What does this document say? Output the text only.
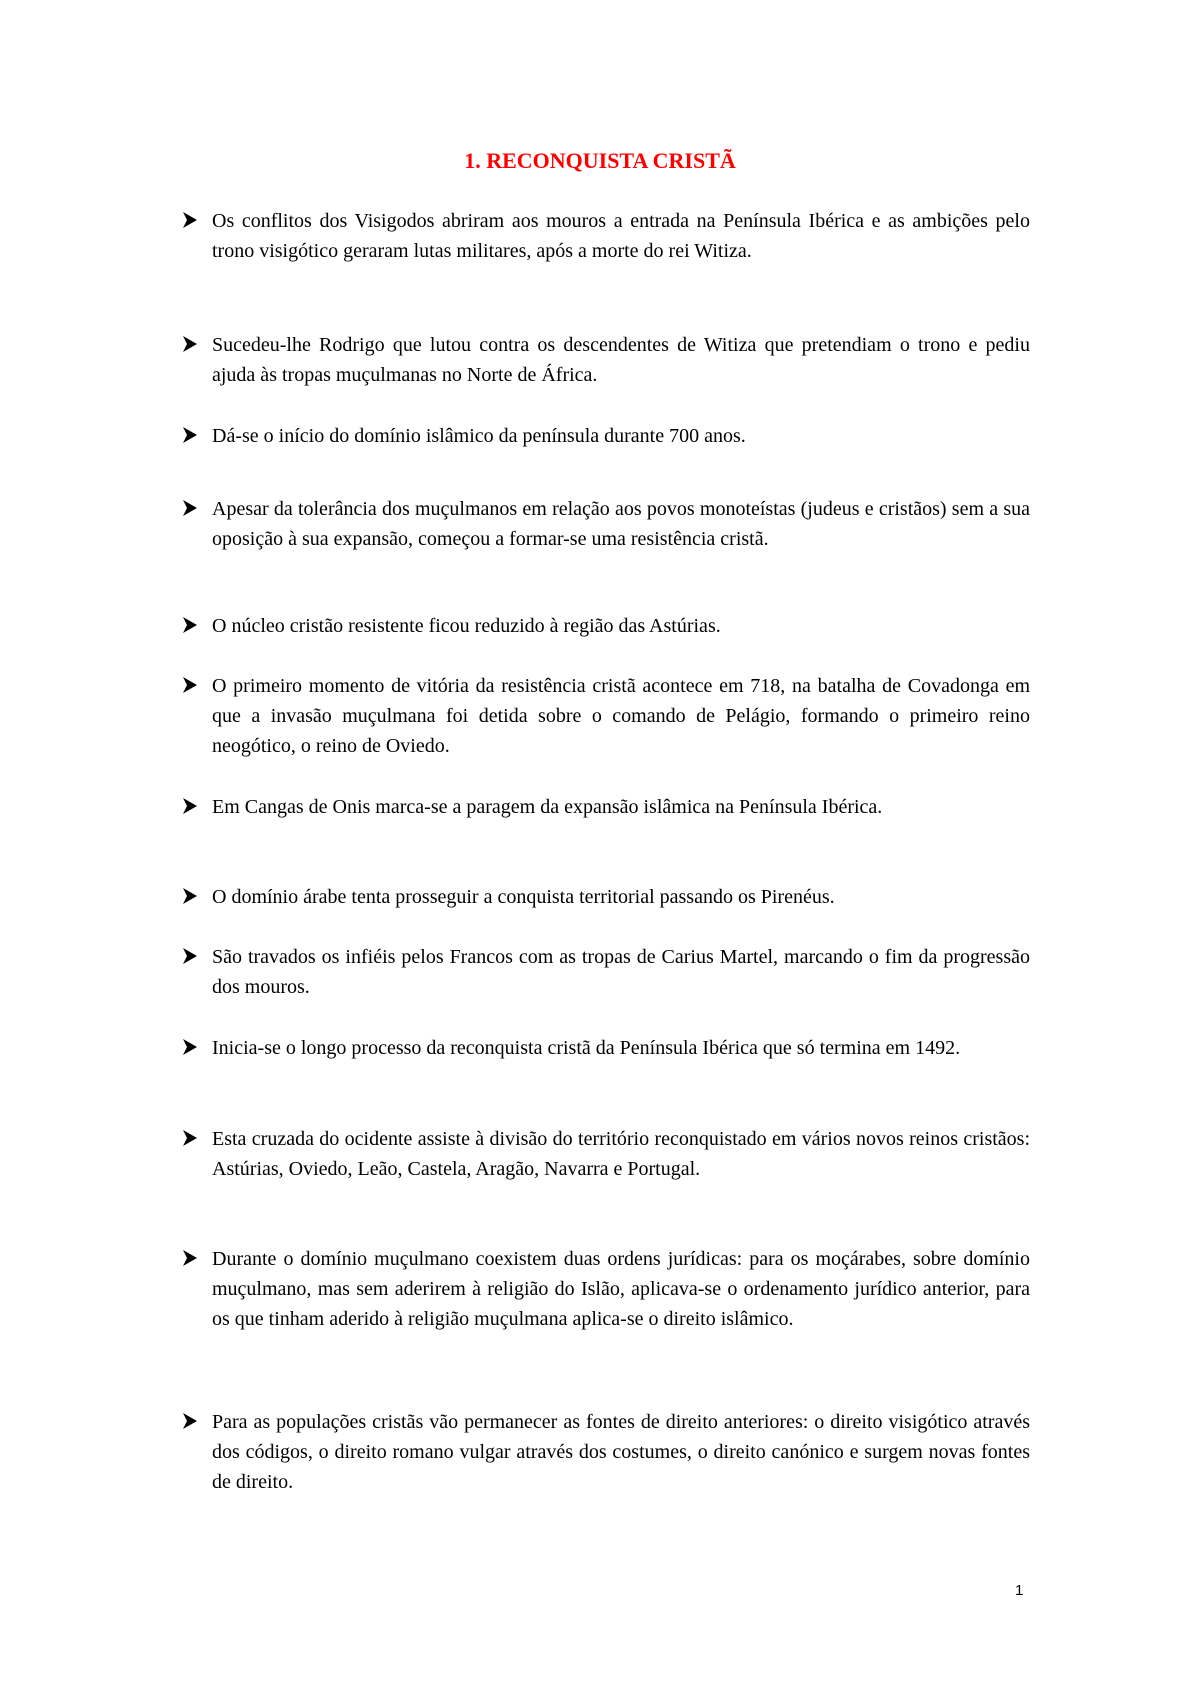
1. RECONQUISTA CRISTÃ
Os conflitos dos Visigodos abriram aos mouros a entrada na Península Ibérica e as ambições pelo trono visigótico geraram lutas militares, após a morte do rei Witiza.
Sucedeu-lhe Rodrigo que lutou contra os descendentes de Witiza que pretendiam o trono e pediu ajuda às tropas muçulmanas no Norte de África.
Dá-se o início do domínio islâmico da península durante 700 anos.
Apesar da tolerância dos muçulmanos em relação aos povos monoteístas (judeus e cristãos) sem a sua oposição à sua expansão, começou a formar-se uma resistência cristã.
O núcleo cristão resistente ficou reduzido à região das Astúrias.
O primeiro momento de vitória da resistência cristã acontece em 718, na batalha de Covadonga em que a invasão muçulmana foi detida sobre o comando de Pelágio, formando o primeiro reino neogótico, o reino de Oviedo.
Em Cangas de Onis marca-se a paragem da expansão islâmica na Península Ibérica.
O domínio árabe tenta prosseguir a conquista territorial passando os Pirenéus.
São travados os infiéis pelos Francos com as tropas de Carius Martel, marcando o fim da progressão dos mouros.
Inicia-se o longo processo da reconquista cristã da Península Ibérica que só termina em 1492.
Esta cruzada do ocidente assiste à divisão do território reconquistado em vários novos reinos cristãos: Astúrias, Oviedo, Leão, Castela, Aragão, Navarra e Portugal.
Durante o domínio muçulmano coexistem duas ordens jurídicas: para os moçárabes, sobre domínio muçulmano, mas sem aderirem à religião do Islão, aplicava-se o ordenamento jurídico anterior, para os que tinham aderido à religião muçulmana aplica-se o direito islâmico.
Para as populações cristãs vão permanecer as fontes de direito anteriores: o direito visigótico através dos códigos, o direito romano vulgar através dos costumes, o direito canónico e surgem novas fontes de direito.
1
